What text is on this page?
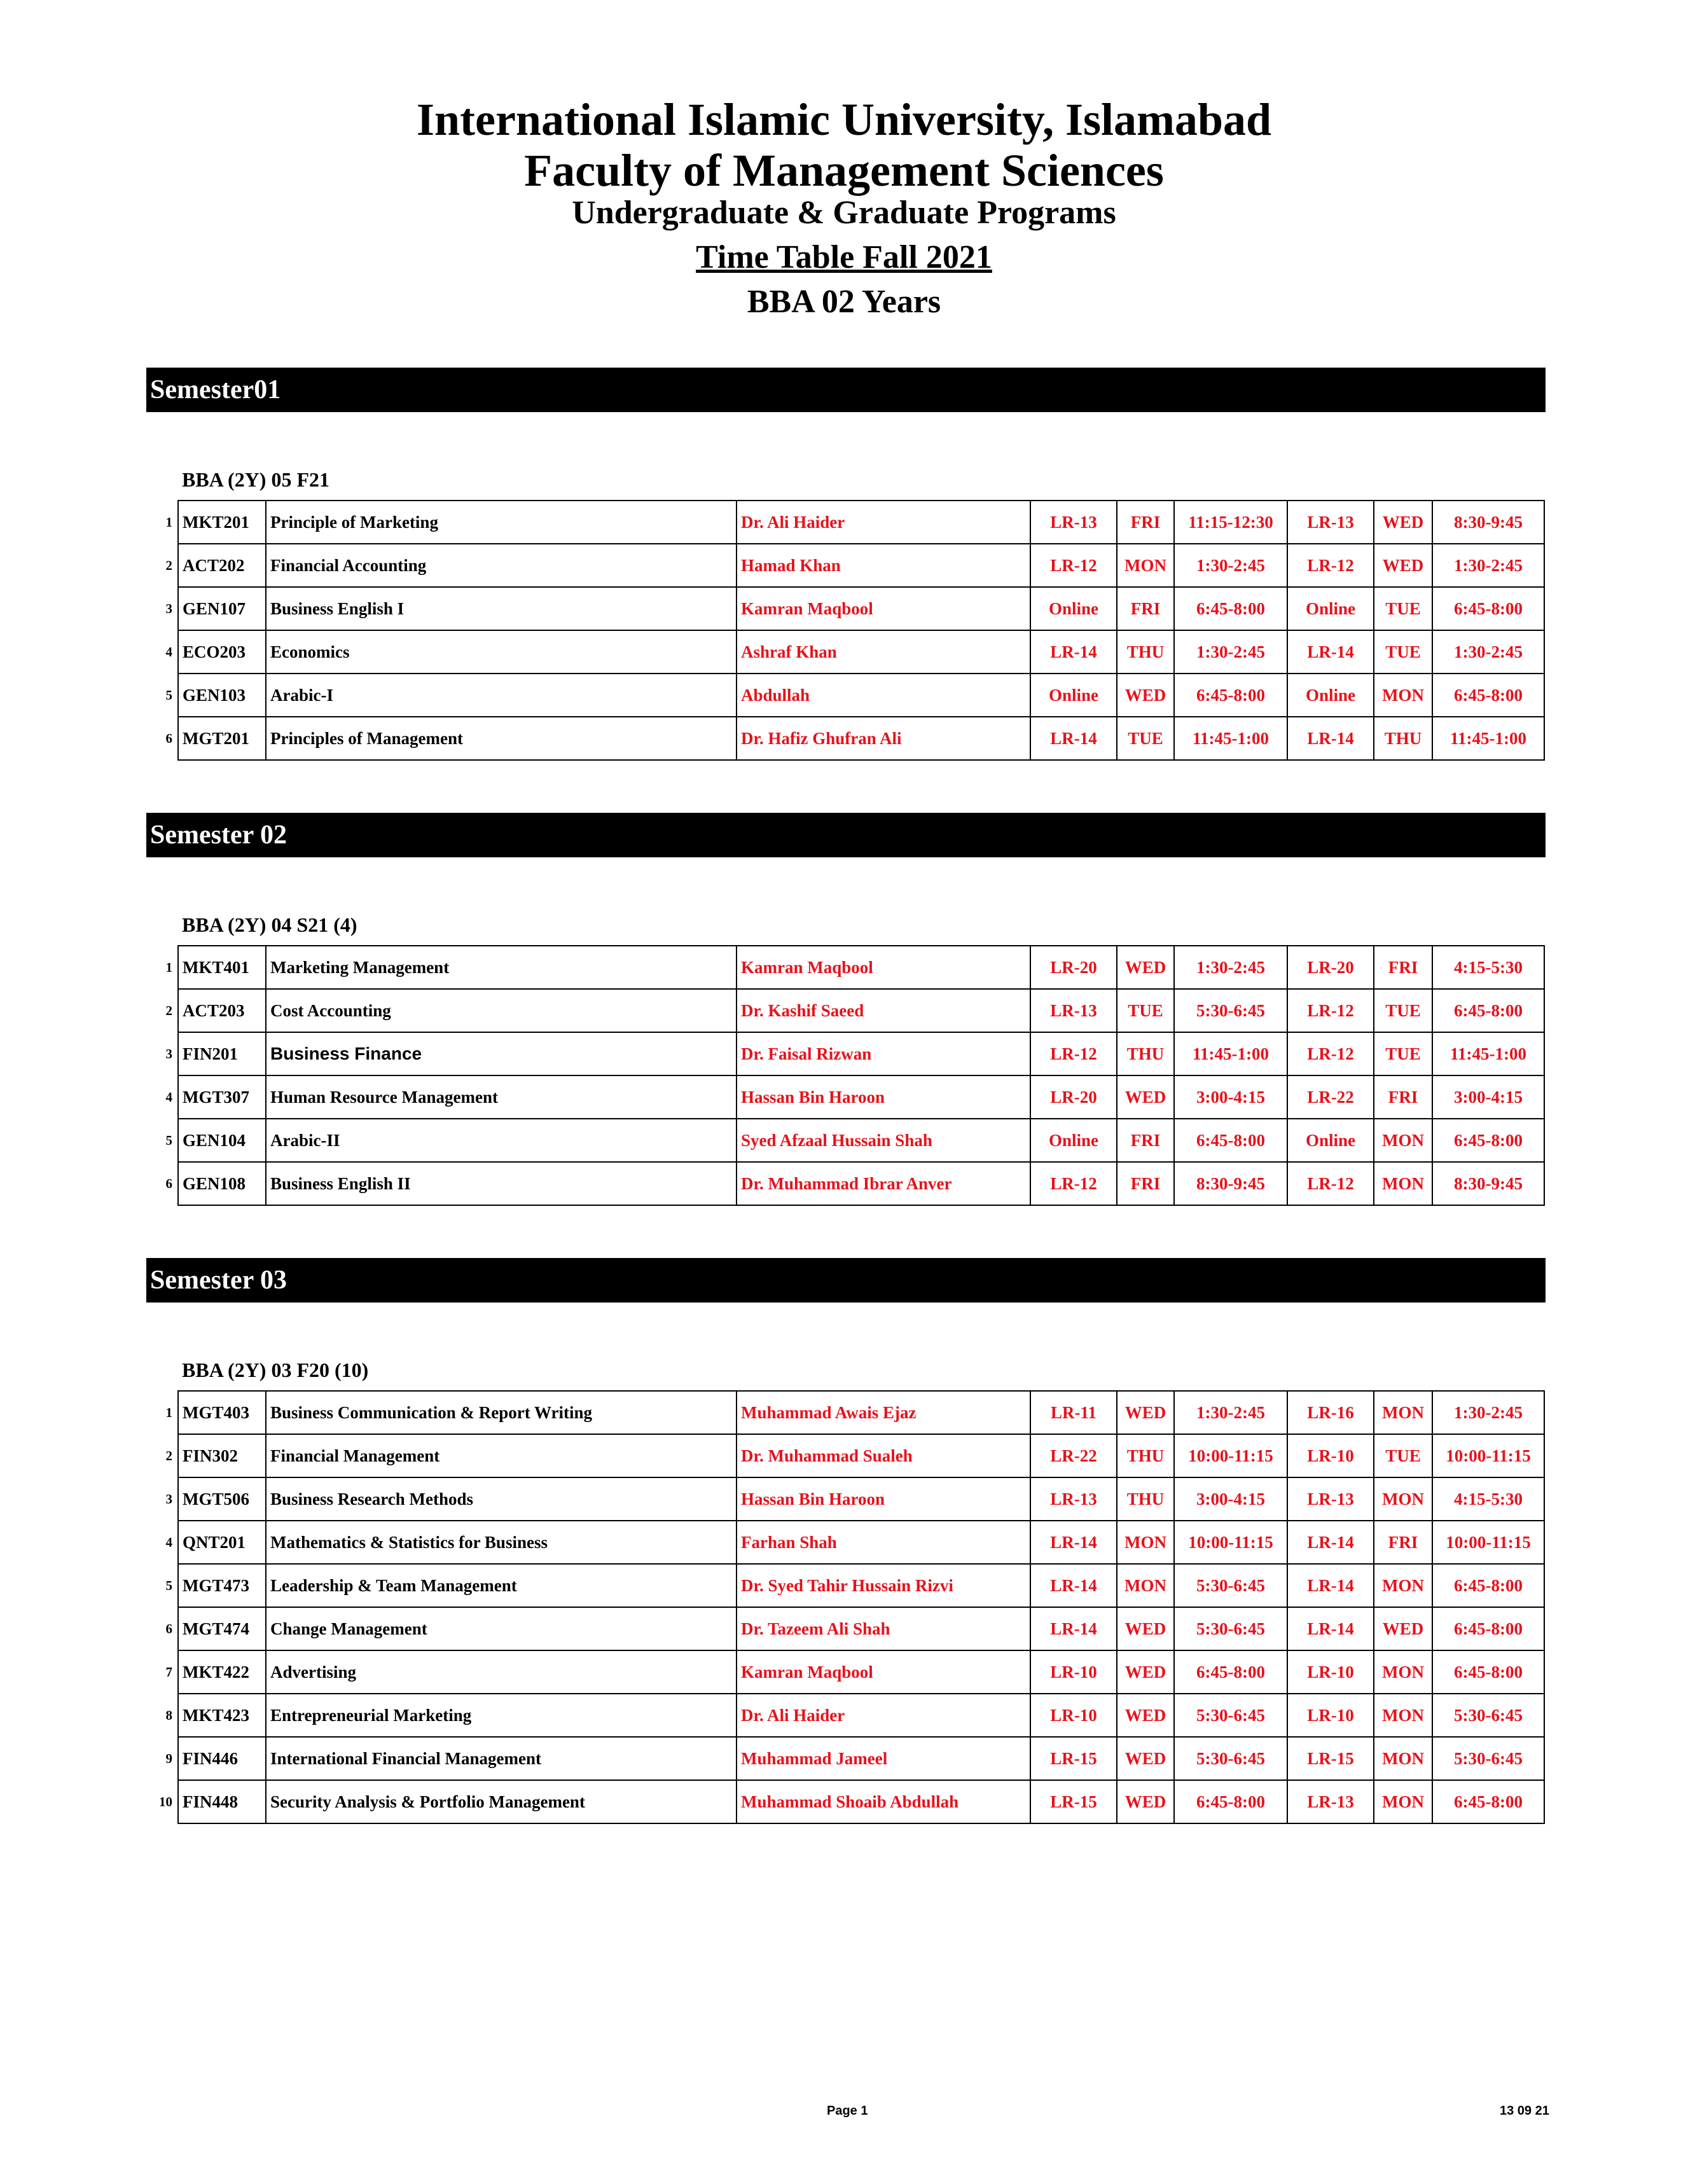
International Islamic University, Islamabad
Faculty of Management Sciences
Undergraduate & Graduate Programs
Time Table Fall 2021
BBA 02 Years
Semester01
BBA (2Y) 05 F21
1	MKT201	Principle of Marketing	Dr. Ali Haider	LR-13	FRI	11:15-12:30	LR-13	WED	8:30-9:45
2	ACT202	Financial Accounting	Hamad Khan	LR-12	MON	1:30-2:45	LR-12	WED	1:30-2:45
3	GEN107	Business English I	Kamran Maqbool	Online	FRI	6:45-8:00	Online	TUE	6:45-8:00
4	ECO203	Economics	Ashraf Khan	LR-14	THU	1:30-2:45	LR-14	TUE	1:30-2:45
5	GEN103	Arabic-I	Abdullah	Online	WED	6:45-8:00	Online	MON	6:45-8:00
6	MGT201	Principles of Management	Dr. Hafiz Ghufran Ali	LR-14	TUE	11:45-1:00	LR-14	THU	11:45-1:00
Semester 02
BBA (2Y) 04 S21 (4)
1	MKT401	Marketing Management	Kamran Maqbool	LR-20	WED	1:30-2:45	LR-20	FRI	4:15-5:30
2	ACT203	Cost Accounting	Dr. Kashif Saeed	LR-13	TUE	5:30-6:45	LR-12	TUE	6:45-8:00
3	FIN201	Business Finance	Dr. Faisal Rizwan	LR-12	THU	11:45-1:00	LR-12	TUE	11:45-1:00
4	MGT307	Human Resource Management	Hassan Bin Haroon	LR-20	WED	3:00-4:15	LR-22	FRI	3:00-4:15
5	GEN104	Arabic-II	Syed Afzaal Hussain Shah	Online	FRI	6:45-8:00	Online	MON	6:45-8:00
6	GEN108	Business English II	Dr. Muhammad Ibrar Anver	LR-12	FRI	8:30-9:45	LR-12	MON	8:30-9:45
Semester 03
BBA (2Y) 03 F20 (10)
1	MGT403	Business Communication & Report Writing	Muhammad Awais Ejaz	LR-11	WED	1:30-2:45	LR-16	MON	1:30-2:45
2	FIN302	Financial Management	Dr. Muhammad Sualeh	LR-22	THU	10:00-11:15	LR-10	TUE	10:00-11:15
3	MGT506	Business Research Methods	Hassan Bin Haroon	LR-13	THU	3:00-4:15	LR-13	MON	4:15-5:30
4	QNT201	Mathematics & Statistics for Business	Farhan Shah	LR-14	MON	10:00-11:15	LR-14	FRI	10:00-11:15
5	MGT473	Leadership & Team Management	Dr. Syed Tahir Hussain Rizvi	LR-14	MON	5:30-6:45	LR-14	MON	6:45-8:00
6	MGT474	Change Management	Dr. Tazeem Ali Shah	LR-14	WED	5:30-6:45	LR-14	WED	6:45-8:00
7	MKT422	Advertising	Kamran Maqbool	LR-10	WED	6:45-8:00	LR-10	MON	6:45-8:00
8	MKT423	Entrepreneurial Marketing	Dr. Ali Haider	LR-10	WED	5:30-6:45	LR-10	MON	5:30-6:45
9	FIN446	International Financial Management	Muhammad Jameel	LR-15	WED	5:30-6:45	LR-15	MON	5:30-6:45
10	FIN448	Security Analysis & Portfolio Management	Muhammad Shoaib Abdullah	LR-15	WED	6:45-8:00	LR-13	MON	6:45-8:00
Page 1	13 09 21
